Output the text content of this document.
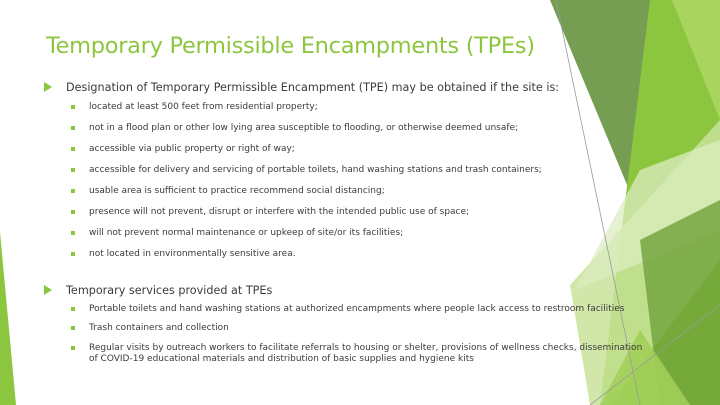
Temporary Permissible Encampments (TPEs)
Designation of Temporary Permissible Encampment (TPE) may be obtained if the site is:
located at least 500 feet from residential property;
not in a flood plan or other low lying area susceptible to flooding, or otherwise deemed unsafe;
accessible via public property or right of way;
accessible for delivery and servicing of portable toilets, hand washing stations and trash containers;
usable area is sufficient to practice recommend social distancing;
presence will not prevent, disrupt or interfere with the intended public use of space;
will not prevent normal maintenance or upkeep of site/or its facilities;
not located in environmentally sensitive area.
Temporary services provided at TPEs
Portable toilets and hand washing stations at authorized encampments where people lack access to restroom facilities
Trash containers and collection
Regular visits by outreach workers to facilitate referrals to housing or shelter, provisions of wellness checks, dissemination of COVID-19 educational materials and distribution of basic supplies and hygiene kits
